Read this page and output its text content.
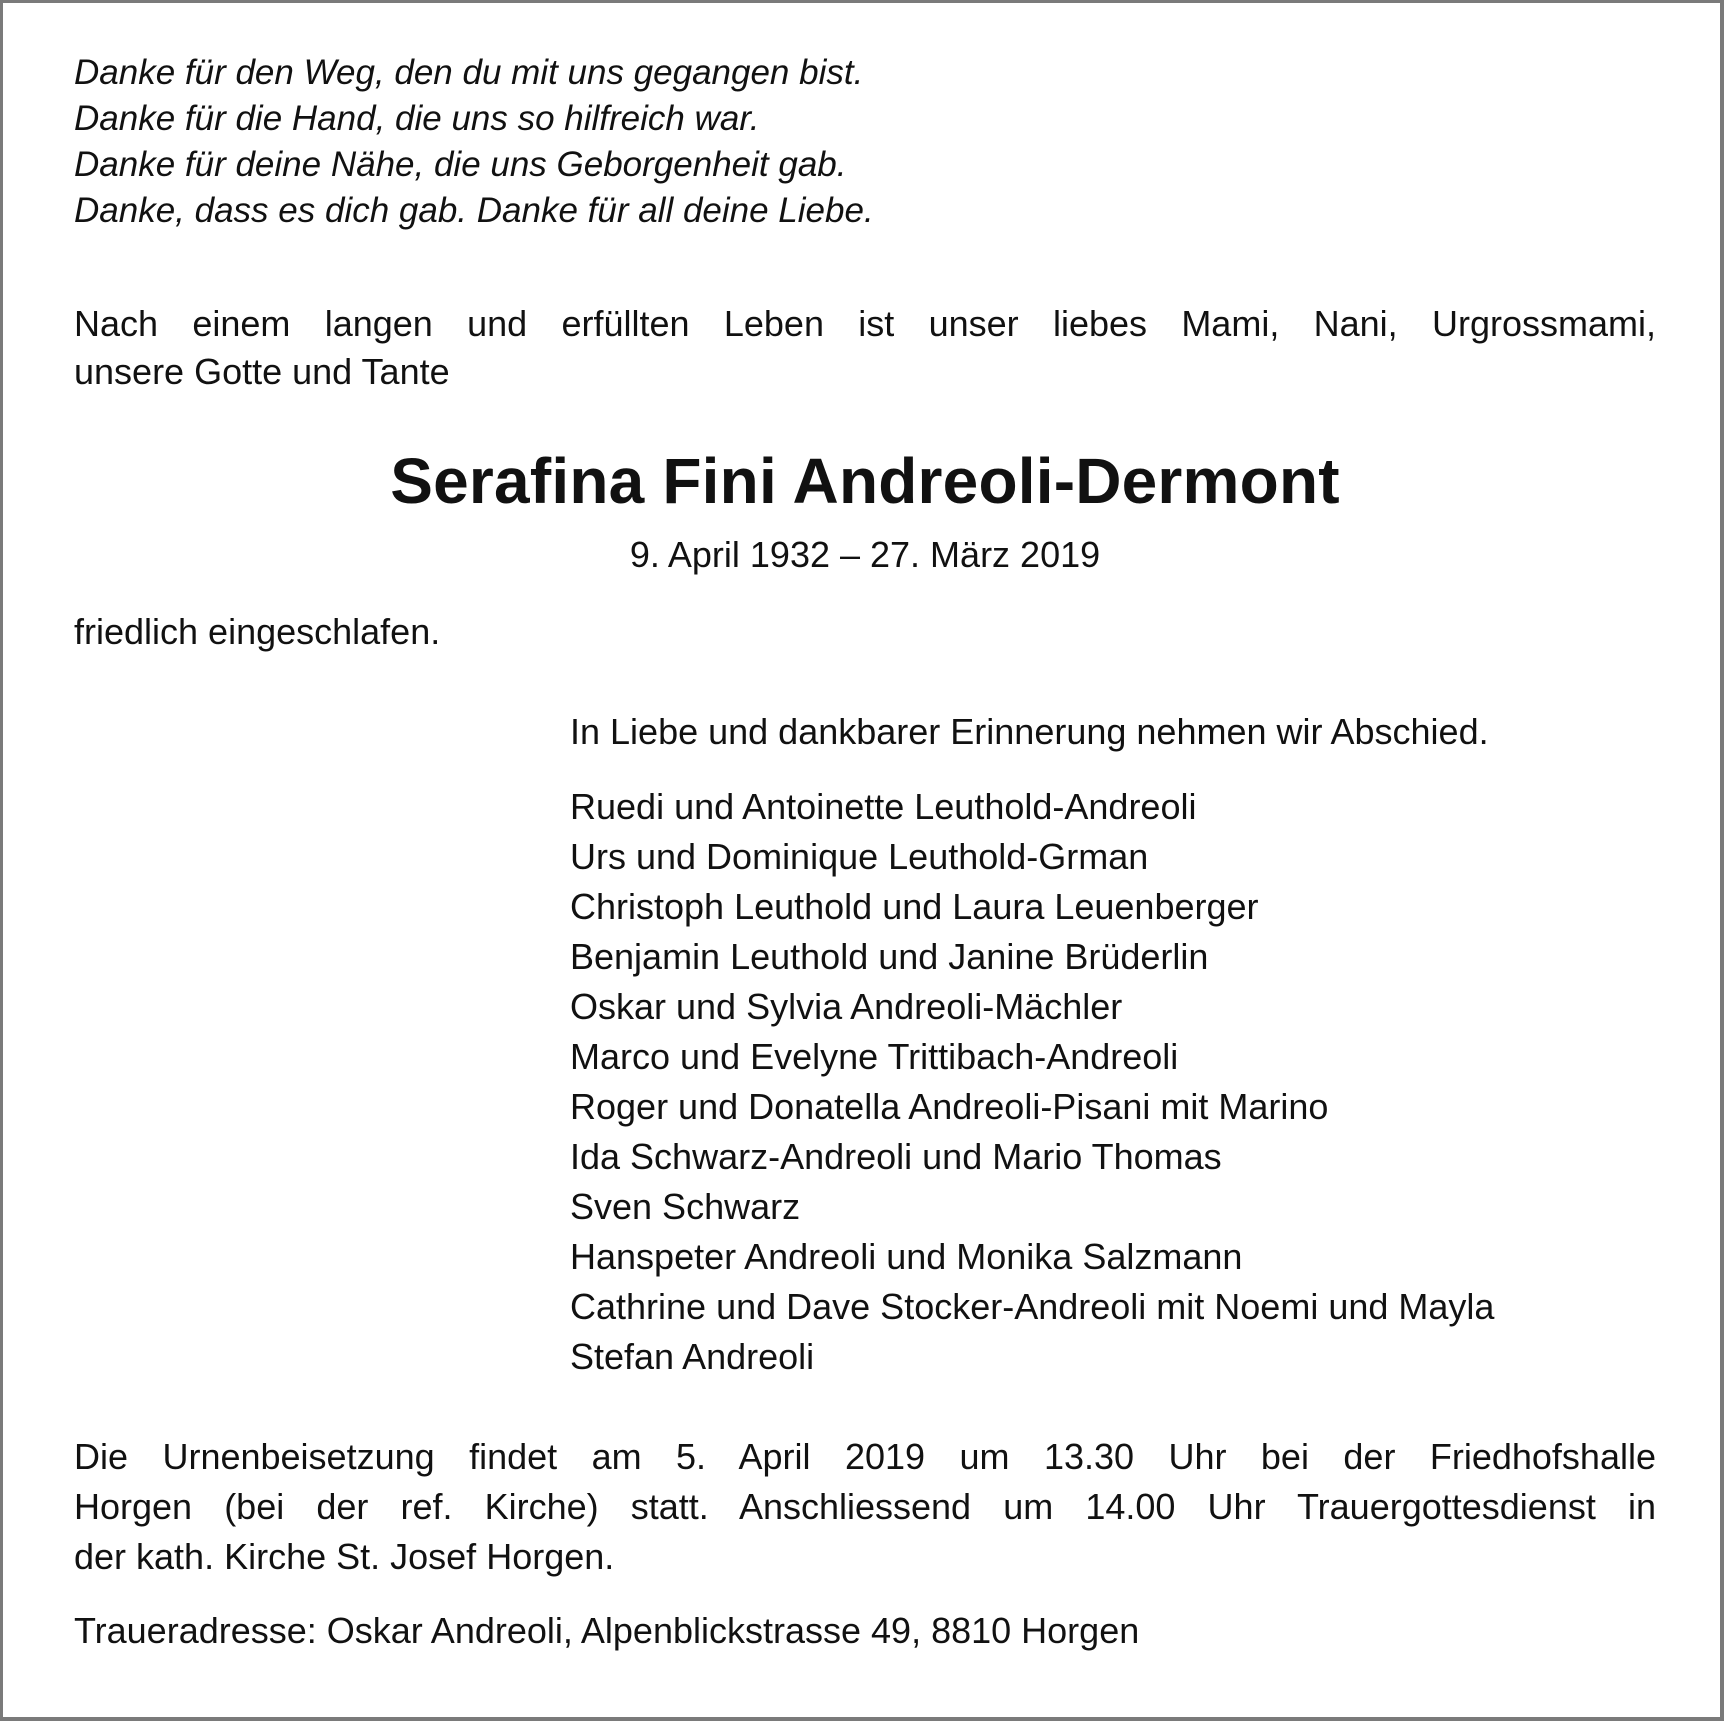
Danke für den Weg, den du mit uns gegangen bist.
Danke für die Hand, die uns so hilfreich war.
Danke für deine Nähe, die uns Geborgenheit gab.
Danke, dass es dich gab. Danke für all deine Liebe.
Nach einem langen und erfüllten Leben ist unser liebes Mami, Nani, Urgrossmami,
unsere Gotte und Tante
Serafina Fini Andreoli-Dermont
9. April 1932 – 27. März 2019
friedlich eingeschlafen.
In Liebe und dankbarer Erinnerung nehmen wir Abschied.
Ruedi und Antoinette Leuthold-Andreoli
Urs und Dominique Leuthold-Grman
Christoph Leuthold und Laura Leuenberger
Benjamin Leuthold und Janine Brüderlin
Oskar und Sylvia Andreoli-Mächler
Marco und Evelyne Trittibach-Andreoli
Roger und Donatella Andreoli-Pisani mit Marino
Ida Schwarz-Andreoli und Mario Thomas
Sven Schwarz
Hanspeter Andreoli und Monika Salzmann
Cathrine und Dave Stocker-Andreoli mit Noemi und Mayla
Stefan Andreoli
Die Urnenbeisetzung findet am 5. April 2019 um 13.30 Uhr bei der Friedhofshalle
Horgen (bei der ref. Kirche) statt. Anschliessend um 14.00 Uhr Trauergottesdienst in
der kath. Kirche St. Josef Horgen.
Traueradresse: Oskar Andreoli, Alpenblickstrasse 49, 8810 Horgen
